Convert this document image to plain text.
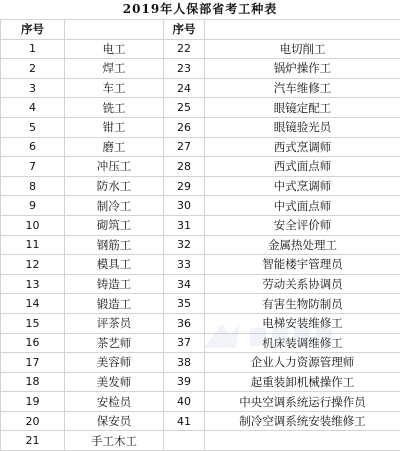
2019年人保部省考工种表
序号		序号	
1	电工	22	电切削工
2	焊工	23	锅炉操作工
3	车工	24	汽车维修工
4	铣工	25	眼镜定配工
5	钳工	26	眼镜验光员
6	磨工	27	西式烹调师
7	冲压工	28	西式面点师
8	防水工	29	中式烹调师
9	制冷工	30	中式面点师
10	砌筑工	31	安全评价师
11	钢筋工	32	金属热处理工
12	模具工	33	智能楼宇管理员
13	铸造工	34	劳动关系协调员
14	锻造工	35	有害生物防制员
15	评茶员	36	电梯安装维修工
16	茶艺师	37	机床装调维修工
17	美容师	38	企业人力资源管理师
18	美发师	39	起重装卸机械操作工
19	安检员	40	中央空调系统运行操作员
20	保安员	41	制冷空调系统安装维修工
21	手工木工		
